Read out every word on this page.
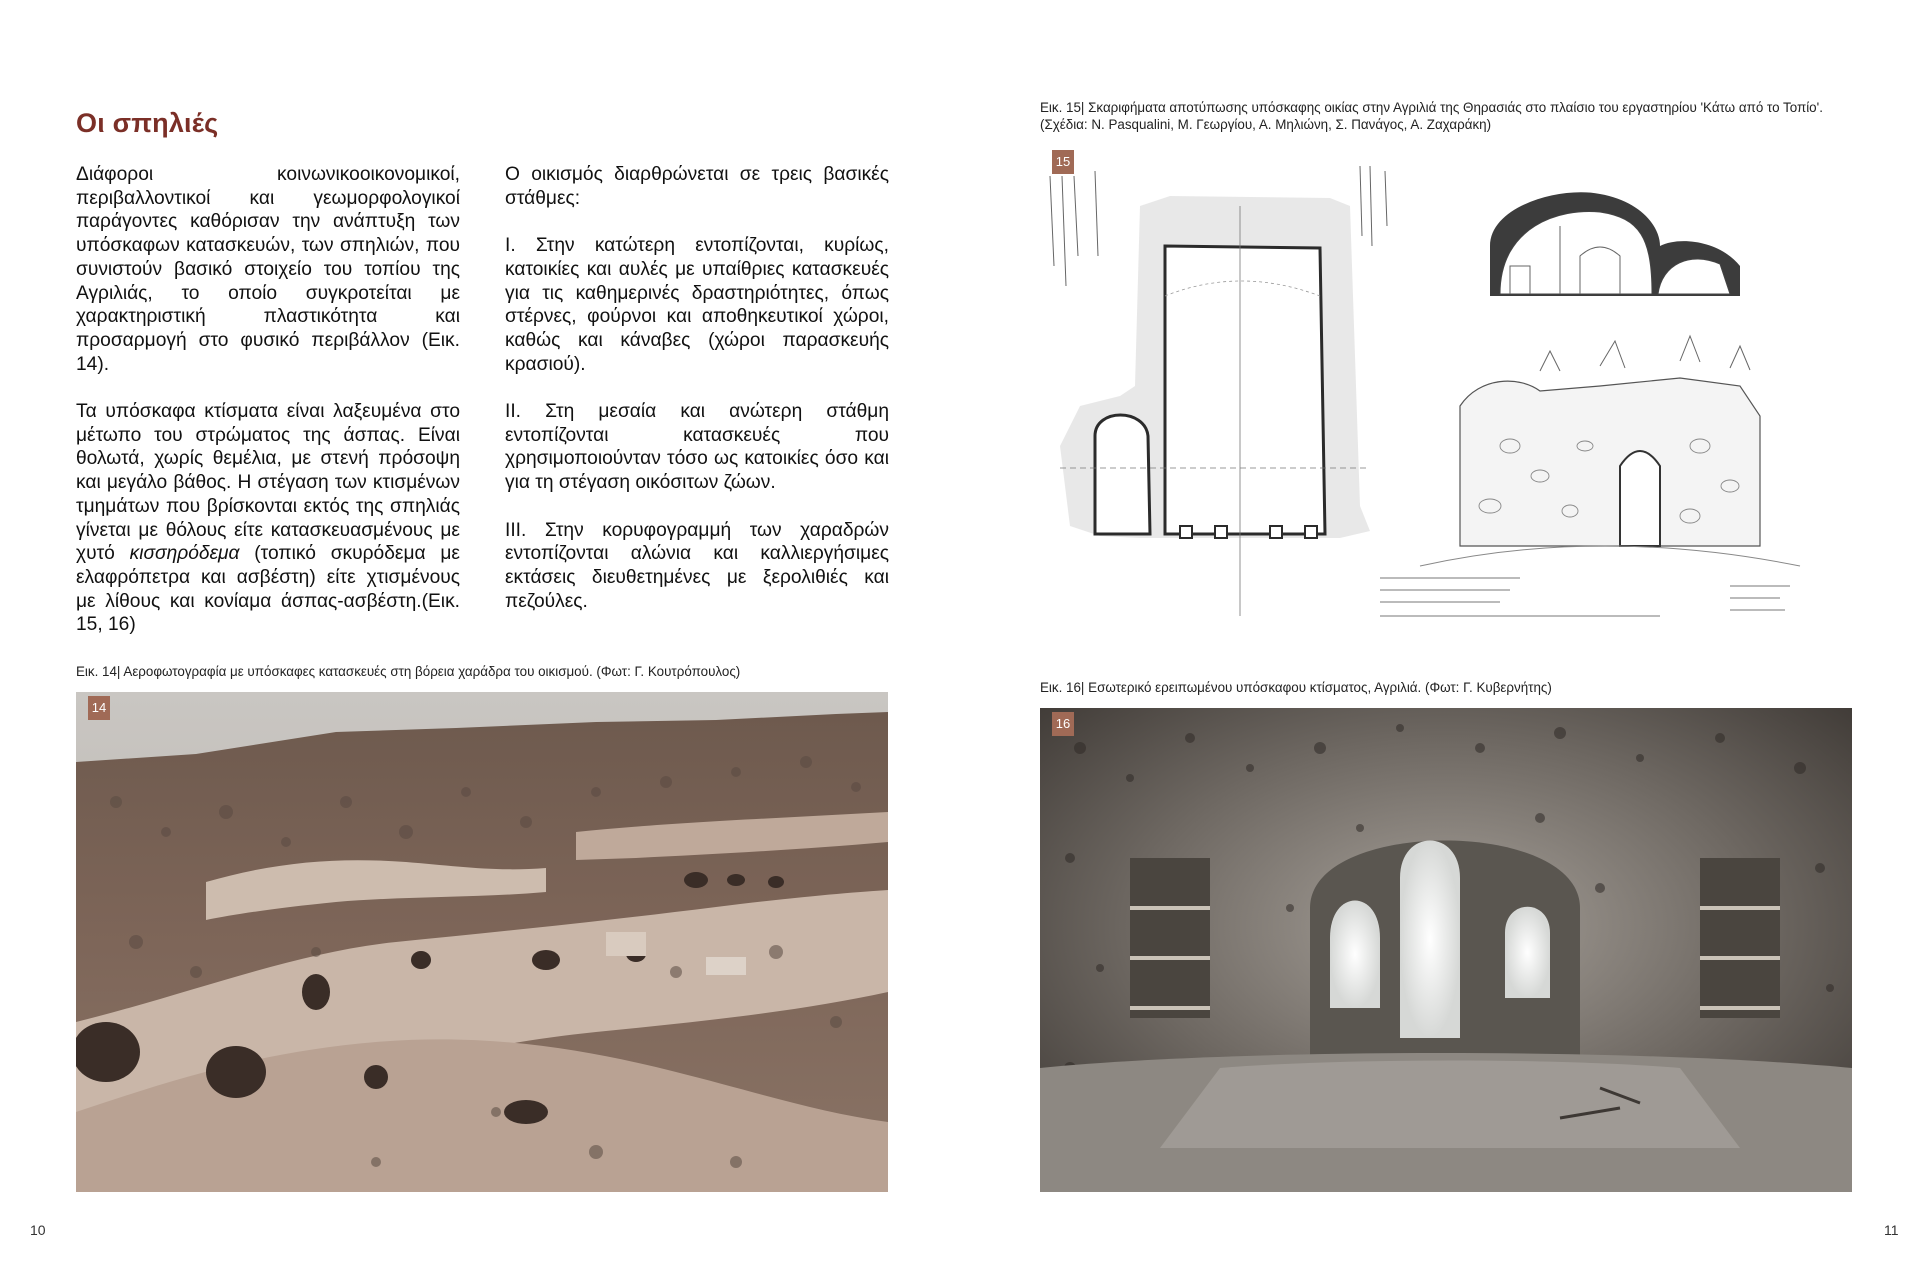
Οι σπηλιές

Διάφοροι κοινωνικοοικονομικοί, περιβαλλοντικοί και γεωμορφολογικοί παράγοντες καθόρισαν την ανάπτυξη των υπόσκαφων κατασκευών, των σπηλιών, που συνιστούν βασικό στοιχείο του τοπίου της Αγριλιάς, το οποίο συγκροτείται με χαρακτηριστική πλαστικότητα και προσαρμογή στο φυσικό περιβάλλον (Εικ. 14).

Τα υπόσκαφα κτίσματα είναι λαξευμένα στο μέτωπο του στρώματος της άσπας. Είναι θολωτά, χωρίς θεμέλια, με στενή πρόσοψη και μεγάλο βάθος. Η στέγαση των κτισμένων τμημάτων που βρίσκονται εκτός της σπηλιάς γίνεται με θόλους είτε κατασκευασμένους με χυτό κισσηρόδεμα (τοπικό σκυρόδεμα με ελαφρόπετρα και ασβέστη) είτε χτισμένους με λίθους και κονίαμα άσπας-ασβέστη.(Εικ. 15, 16)

Ο οικισμός διαρθρώνεται σε τρεις βασικές στάθμες:

Ι. Στην κατώτερη εντοπίζονται, κυρίως, κατοικίες και αυλές με υπαίθριες κατασκευές για τις καθημερινές δραστηριότητες, όπως στέρνες, φούρνοι και αποθηκευτικοί χώροι, καθώς και κάναβες (χώροι παρασκευής κρασιού).

ΙΙ. Στη μεσαία και ανώτερη στάθμη εντοπίζονται κατασκευές που χρησιμοποιούνταν τόσο ως κατοικίες όσο και για τη στέγαση οικόσιτων ζώων.

ΙΙΙ. Στην κορυφογραμμή των χαραδρών εντοπίζονται αλώνια και καλλιεργήσιμες εκτάσεις διευθετημένες με ξερολιθιές και πεζούλες.

Εικ. 14| Αεροφωτογραφία με υπόσκαφες κατασκευές στη βόρεια χαράδρα του οικισμού. (Φωτ: Γ. Κουτρόπουλος)
14
10
Εικ. 15| Σκαριφήματα αποτύπωσης υπόσκαφης οικίας στην Αγριλιά της Θηρασιάς στο πλαίσιο του εργαστηρίου 'Κάτω από το Τοπίο'. (Σχέδια: N. Pasqualini, Μ. Γεωργίου, Α. Μηλιώνη, Σ. Πανάγος, Α. Ζαχαράκη)
15
Εικ. 16| Εσωτερικό ερειπωμένου υπόσκαφου κτίσματος, Αγριλιά. (Φωτ: Γ. Κυβερνήτης)
16
11
